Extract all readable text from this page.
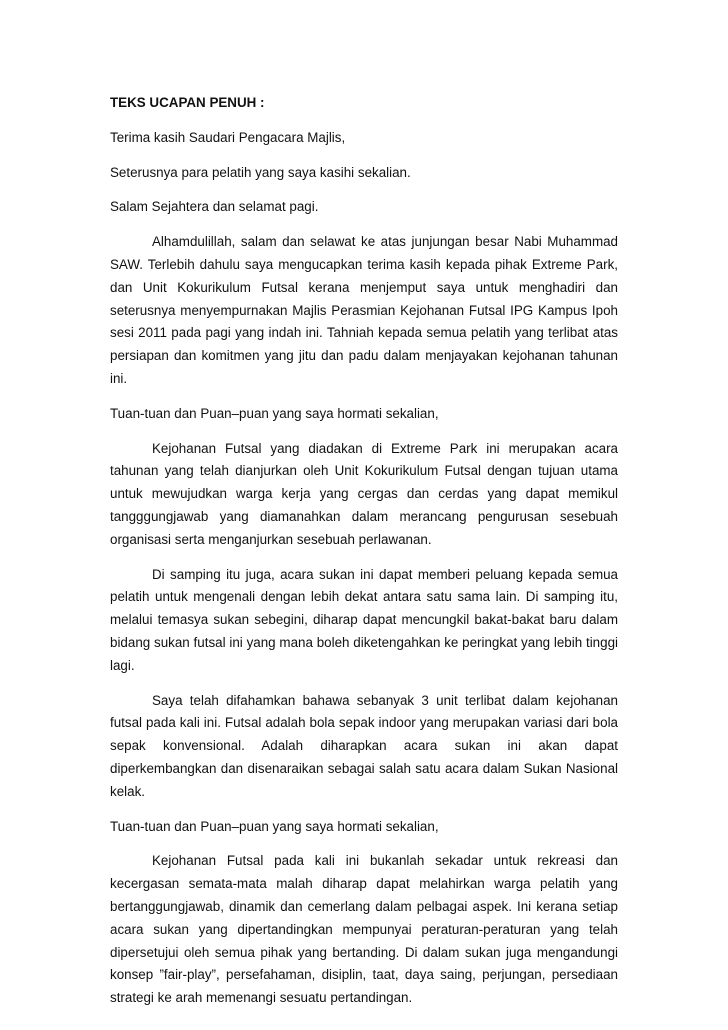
TEKS UCAPAN PENUH :
Terima kasih Saudari Pengacara Majlis,
Seterusnya para pelatih yang saya kasihi sekalian.
Salam Sejahtera dan selamat pagi.
Alhamdulillah, salam dan selawat ke atas junjungan besar Nabi Muhammad SAW. Terlebih dahulu saya mengucapkan terima kasih kepada pihak Extreme Park, dan Unit Kokurikulum Futsal kerana menjemput saya untuk menghadiri dan seterusnya menyempurnakan Majlis Perasmian Kejohanan Futsal IPG Kampus Ipoh sesi 2011 pada pagi yang indah ini. Tahniah kepada semua pelatih yang terlibat atas persiapan dan komitmen yang jitu dan padu dalam menjayakan kejohanan tahunan ini.
Tuan-tuan dan Puan–puan yang saya hormati sekalian,
Kejohanan Futsal yang diadakan di Extreme Park ini merupakan acara tahunan yang telah dianjurkan oleh Unit Kokurikulum Futsal dengan tujuan utama untuk mewujudkan warga kerja yang cergas dan cerdas yang dapat memikul tangggungjawab yang diamanahkan dalam merancang pengurusan sesebuah organisasi serta menganjurkan sesebuah perlawanan.
Di samping itu juga, acara sukan ini dapat memberi peluang kepada semua pelatih untuk mengenali dengan lebih dekat antara satu sama lain. Di samping itu, melalui temasya sukan sebegini, diharap dapat mencungkil bakat-bakat baru dalam bidang sukan futsal ini yang mana boleh diketengahkan ke peringkat yang lebih tinggi lagi.
Saya telah difahamkan bahawa sebanyak 3 unit terlibat dalam kejohanan futsal pada kali ini. Futsal adalah bola sepak indoor yang merupakan variasi dari bola sepak konvensional. Adalah diharapkan acara sukan ini akan dapat diperkembangkan dan disenaraikan sebagai salah satu acara dalam Sukan Nasional kelak.
Tuan-tuan dan Puan–puan yang saya hormati sekalian,
Kejohanan Futsal pada kali ini bukanlah sekadar untuk rekreasi dan kecergasan semata-mata malah diharap dapat melahirkan warga pelatih yang bertanggungjawab, dinamik dan cemerlang dalam pelbagai aspek. Ini kerana setiap acara sukan yang dipertandingkan mempunyai peraturan-peraturan yang telah dipersetujui oleh semua pihak yang bertanding. Di dalam sukan juga mengandungi konsep ”fair-play”, persefahaman, disiplin, taat, daya saing, perjungan, persediaan strategi ke arah memenangi sesuatu pertandingan.
